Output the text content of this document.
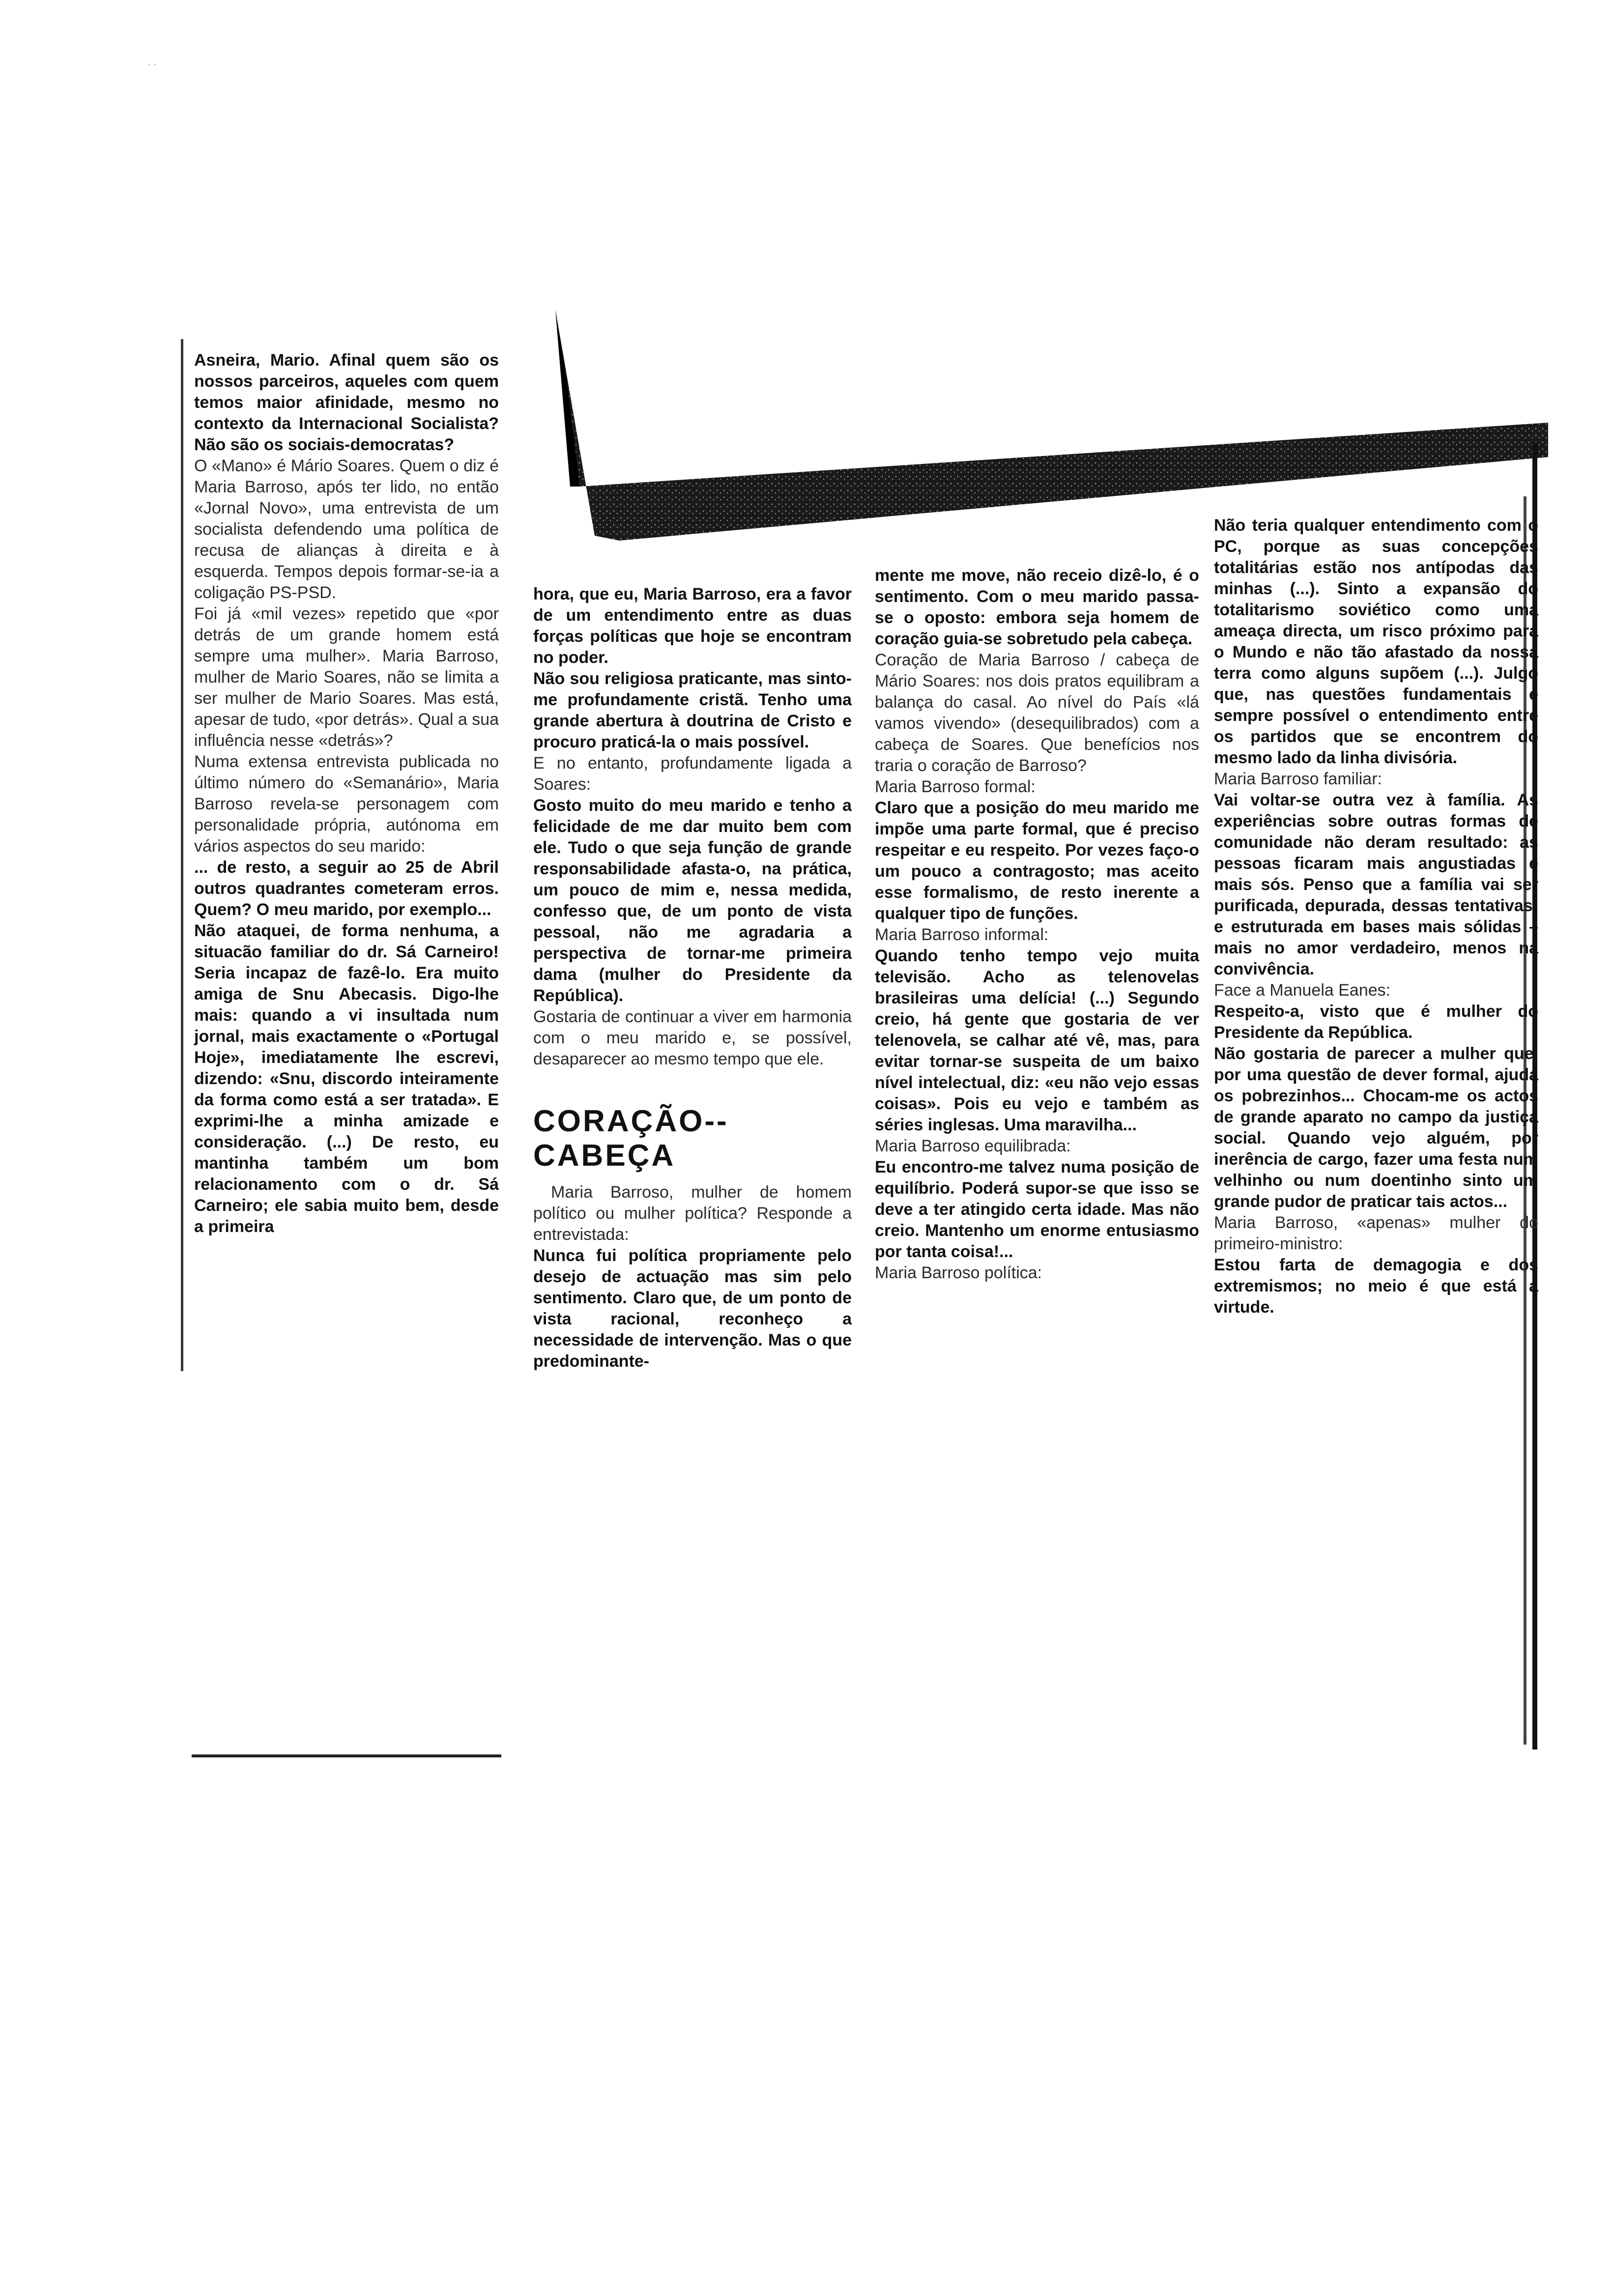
· ·

Asneira, Mario. Afinal quem são os nossos parceiros, aqueles com quem temos maior afinidade, mesmo no contexto da Internacional Socialista? Não são os sociais-democratas?

O «Mano» é Mário Soares. Quem o diz é Maria Barroso, após ter lido, no então «Jornal Novo», uma entrevista de um socialista defendendo uma política de recusa de alianças à direita e à esquerda. Tempos depois formar-se-ia a coligação PS-PSD.

Foi já «mil vezes» repetido que «por detrás de um grande homem está sempre uma mulher». Maria Barroso, mulher de Mario Soares, não se limita a ser mulher de Mario Soares. Mas está, apesar de tudo, «por detrás». Qual a sua influência nesse «detrás»?

Numa extensa entrevista publicada no último número do «Semanário», Maria Barroso revela-se personagem com personalidade própria, autónoma em vários aspectos do seu marido:

... de resto, a seguir ao 25 de Abril outros quadrantes cometeram erros. Quem? O meu marido, por exemplo...

Não ataquei, de forma nenhuma, a situacão familiar do dr. Sá Carneiro! Seria incapaz de fazê-lo. Era muito amiga de Snu Abecasis. Digo-lhe mais: quando a vi insultada num jornal, mais exactamente o «Portugal Hoje», imediatamente lhe escrevi, dizendo: «Snu, discordo inteiramente da forma como está a ser tratada». E exprimi-lhe a minha amizade e consideração. (...) De resto, eu mantinha também um bom relacionamento com o dr. Sá Carneiro; ele sabia muito bem, desde a primeira

hora, que eu, Maria Barroso, era a favor de um entendimento entre as duas forças políticas que hoje se encontram no poder.

Não sou religiosa praticante, mas sinto-me profundamente cristã. Tenho uma grande abertura à doutrina de Cristo e procuro praticá-la o mais possível.

E no entanto, profundamente ligada a Soares:

Gosto muito do meu marido e tenho a felicidade de me dar muito bem com ele. Tudo o que seja função de grande responsabilidade afasta-o, na prática, um pouco de mim e, nessa medida, confesso que, de um ponto de vista pessoal, não me agradaria a perspectiva de tornar-me primeira dama (mulher do Presidente da República).

Gostaria de continuar a viver em harmonia com o meu marido e, se possível, desaparecer ao mesmo tempo que ele.

CORAÇÃO--CABEÇA

Maria Barroso, mulher de homem político ou mulher política? Responde a entrevistada:

Nunca fui política propriamente pelo desejo de actuação mas sim pelo sentimento. Claro que, de um ponto de vista racional, reconheço a necessidade de intervenção. Mas o que predominante-

mente me move, não receio dizê-lo, é o sentimento. Com o meu marido passa-se o oposto: embora seja homem de coração guia-se sobretudo pela cabeça.

Coração de Maria Barroso / cabeça de Mário Soares: nos dois pratos equilibram a balança do casal. Ao nível do País «lá vamos vivendo» (desequilibrados) com a cabeça de Soares. Que benefícios nos traria o coração de Barroso?

Maria Barroso formal:

Claro que a posição do meu marido me impõe uma parte formal, que é preciso respeitar e eu respeito. Por vezes faço-o um pouco a contragosto; mas aceito esse formalismo, de resto inerente a qualquer tipo de funções.

Maria Barroso informal:

Quando tenho tempo vejo muita televisão. Acho as telenovelas brasileiras uma delícia! (...) Segundo creio, há gente que gostaria de ver telenovela, se calhar até vê, mas, para evitar tornar-se suspeita de um baixo nível intelectual, diz: «eu não vejo essas coisas». Pois eu vejo e também as séries inglesas. Uma maravilha...

Maria Barroso equilibrada:

Eu encontro-me talvez numa posição de equilíbrio. Poderá supor-se que isso se deve a ter atingido certa idade. Mas não creio. Mantenho um enorme entusiasmo por tanta coisa!...

Maria Barroso política:

Não teria qualquer entendimento com o PC, porque as suas concepções totalitárias estão nos antípodas das minhas (...). Sinto a expansão do totalitarismo soviético como uma ameaça directa, um risco próximo para o Mundo e não tão afastado da nossa terra como alguns supõem (...). Julgo que, nas questões fundamentais é sempre possível o entendimento entre os partidos que se encontrem do mesmo lado da linha divisória.

Maria Barroso familiar:

Vai voltar-se outra vez à família. As experiências sobre outras formas de comunidade não deram resultado: as pessoas ficaram mais angustiadas e mais sós. Penso que a família vai ser purificada, depurada, dessas tentativas: e estruturada em bases mais sólidas – mais no amor verdadeiro, menos na convivência.

Face a Manuela Eanes:

Respeito-a, visto que é mulher do Presidente da República.

Não gostaria de parecer a mulher que, por uma questão de dever formal, ajuda os pobrezinhos... Chocam-me os actos de grande aparato no campo da justiça social. Quando vejo alguém, por inerência de cargo, fazer uma festa num velhinho ou num doentinho sinto um grande pudor de praticar tais actos...

Maria Barroso, «apenas» mulher do primeiro-ministro:

Estou farta de demagogia e dos extremismos; no meio é que está a virtude.
